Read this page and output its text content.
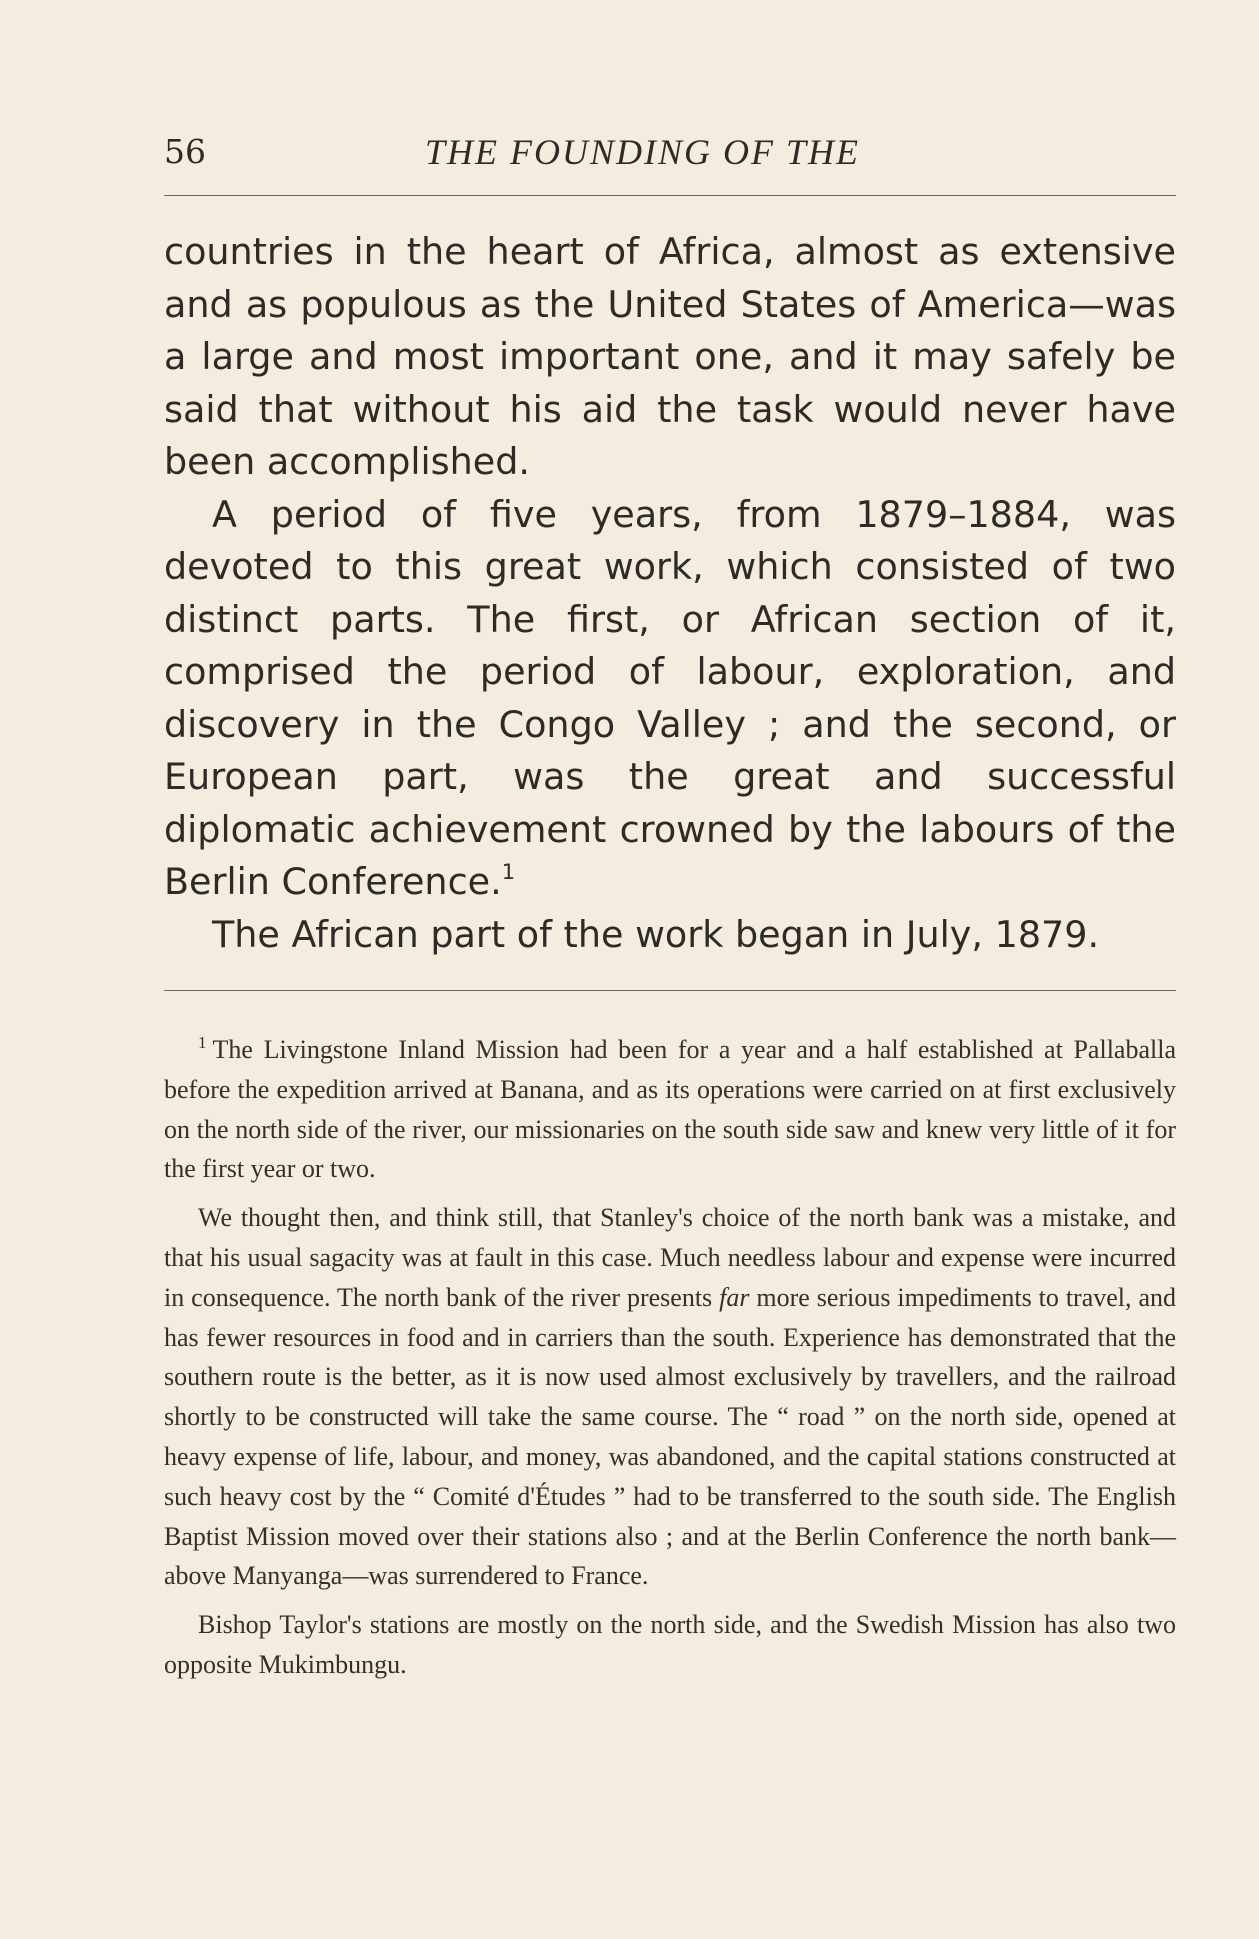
56	THE FOUNDING OF THE

countries in the heart of Africa, almost as extensive and as populous as the United States of America—was a large and most important one, and it may safely be said that without his aid the task would never have been accomplished.

A period of five years, from 1879–1884, was devoted to this great work, which consisted of two distinct parts. The first, or African section of it, comprised the period of labour, exploration, and discovery in the Congo Valley ; and the second, or European part, was the great and successful diplomatic achievement crowned by the labours of the Berlin Conference.$^1$

The African part of the work began in July, 1879.

$^1$ The Livingstone Inland Mission had been for a year and a half established at Pallaballa before the expedition arrived at Banana, and as its operations were carried on at first exclusively on the north side of the river, our missionaries on the south side saw and knew very little of it for the first year or two.

We thought then, and think still, that Stanley's choice of the north bank was a mistake, and that his usual sagacity was at fault in this case. Much needless labour and expense were incurred in consequence. The north bank of the river presents far more serious impediments to travel, and has fewer resources in food and in carriers than the south. Experience has demonstrated that the southern route is the better, as it is now used almost exclusively by travellers, and the railroad shortly to be constructed will take the same course. The “ road ” on the north side, opened at heavy expense of life, labour, and money, was abandoned, and the capital stations constructed at such heavy cost by the “ Comité d'Études ” had to be transferred to the south side. The English Baptist Mission moved over their stations also ; and at the Berlin Conference the north bank—above Manyanga—was surrendered to France.

Bishop Taylor's stations are mostly on the north side, and the Swedish Mission has also two opposite Mukimbungu.
